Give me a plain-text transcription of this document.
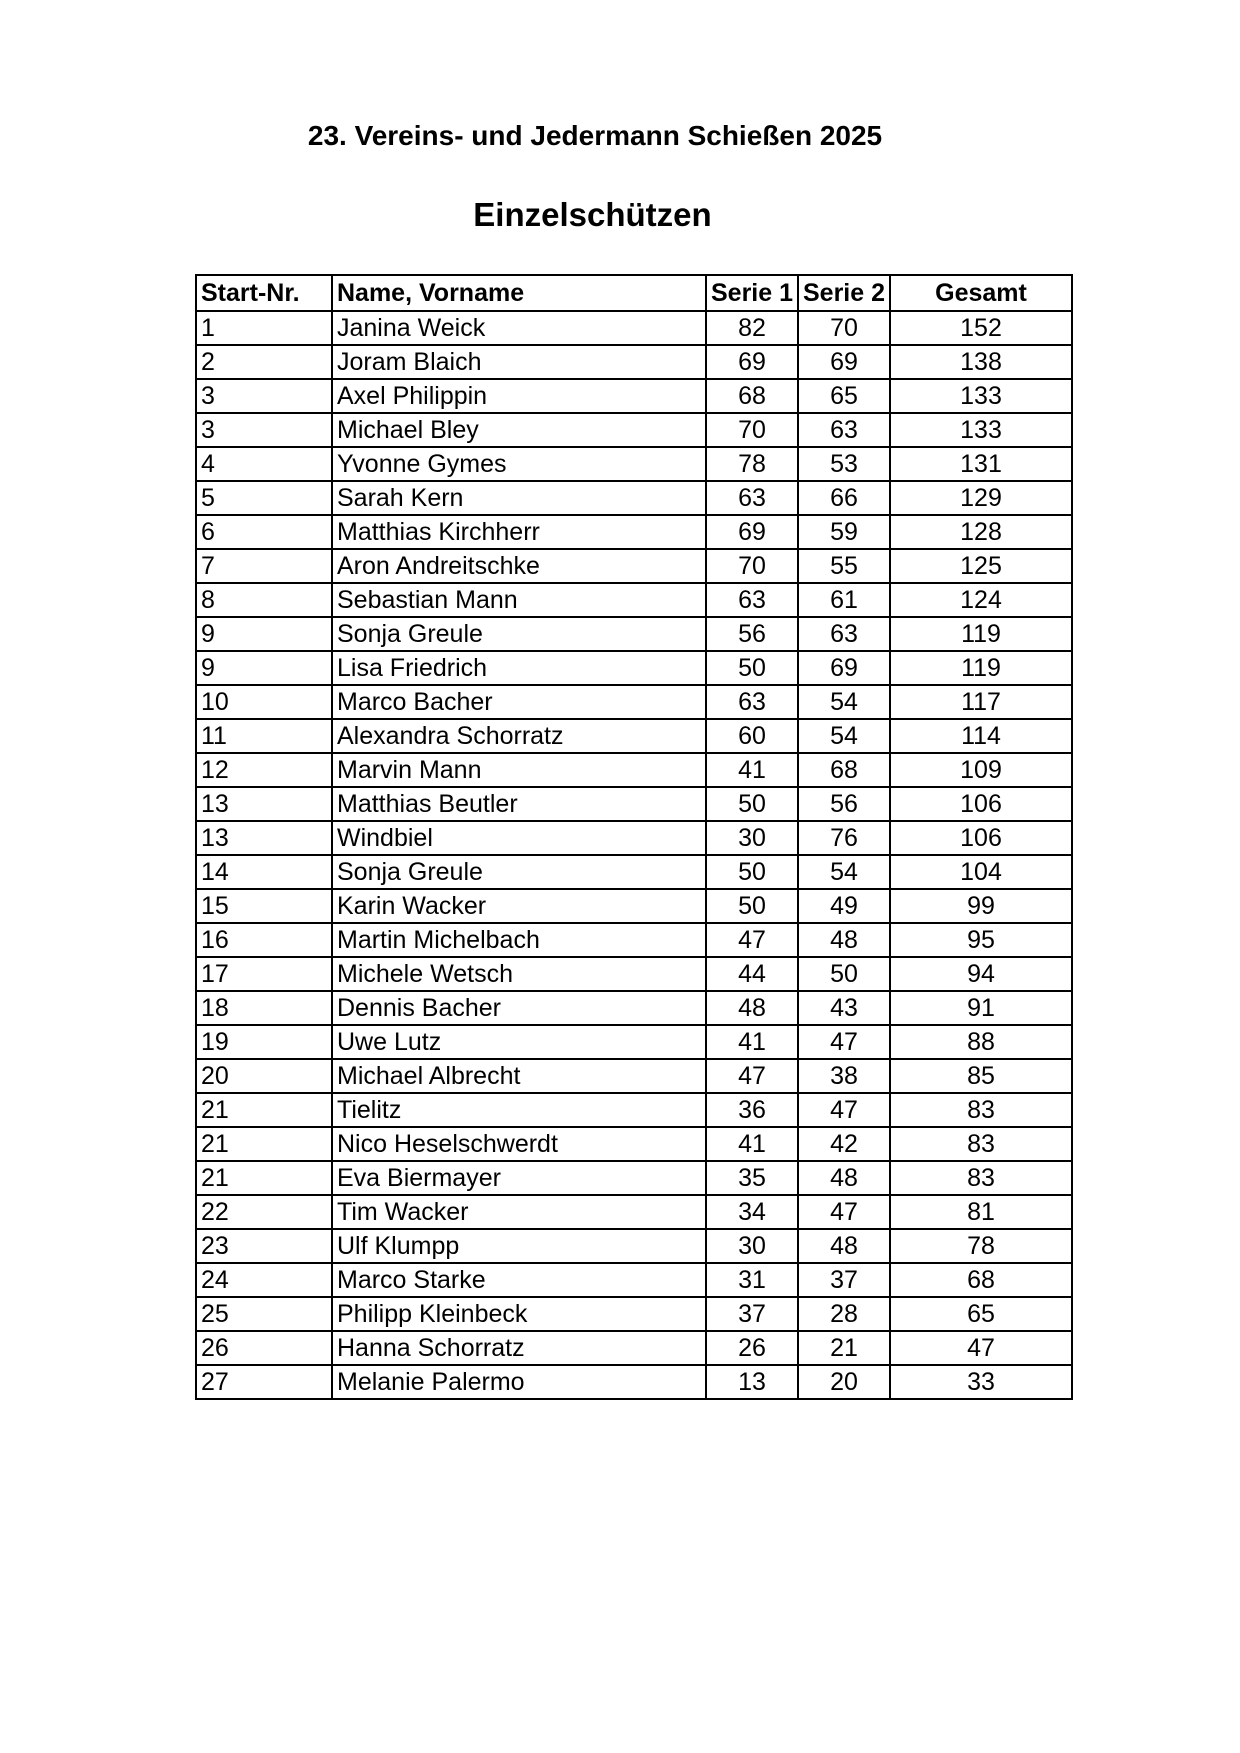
23. Vereins- und Jedermann Schießen 2025
Einzelschützen
Start-Nr.	Name, Vorname	Serie 1	Serie 2	Gesamt
1	Janina Weick	82	70	152
2	Joram Blaich	69	69	138
3	Axel Philippin	68	65	133
3	Michael Bley	70	63	133
4	Yvonne Gymes	78	53	131
5	Sarah Kern	63	66	129
6	Matthias Kirchherr	69	59	128
7	Aron Andreitschke	70	55	125
8	Sebastian Mann	63	61	124
9	Sonja Greule	56	63	119
9	Lisa Friedrich	50	69	119
10	Marco Bacher	63	54	117
11	Alexandra Schorratz	60	54	114
12	Marvin Mann	41	68	109
13	Matthias Beutler	50	56	106
13	Windbiel	30	76	106
14	Sonja Greule	50	54	104
15	Karin Wacker	50	49	99
16	Martin Michelbach	47	48	95
17	Michele Wetsch	44	50	94
18	Dennis Bacher	48	43	91
19	Uwe Lutz	41	47	88
20	Michael Albrecht	47	38	85
21	Tielitz	36	47	83
21	Nico Heselschwerdt	41	42	83
21	Eva Biermayer	35	48	83
22	Tim Wacker	34	47	81
23	Ulf Klumpp	30	48	78
24	Marco Starke	31	37	68
25	Philipp Kleinbeck	37	28	65
26	Hanna Schorratz	26	21	47
27	Melanie Palermo	13	20	33
